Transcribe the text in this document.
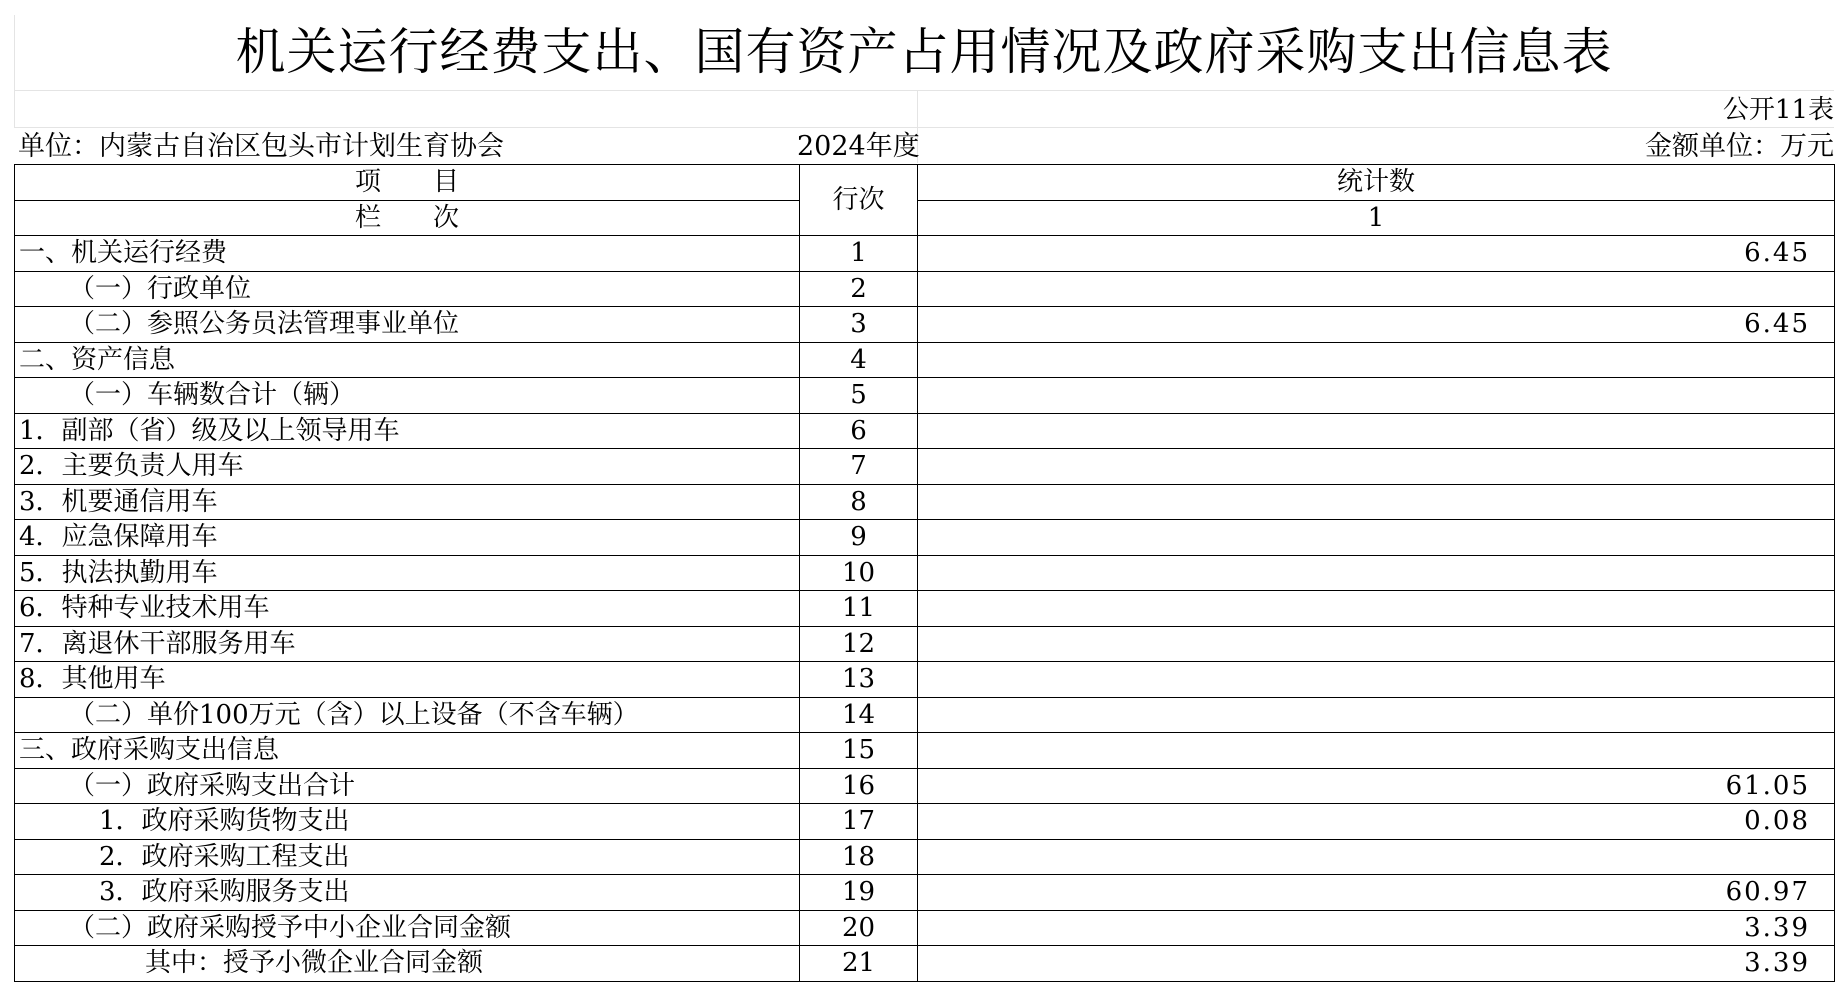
机关运行经费支出、国有资产占用情况及政府采购支出信息表
公开11表
单位：内蒙古自治区包头市计划生育协会	2024年度	金额单位：万元
项　　目	行次	统计数
栏　　次		1
一、机关运行经费	1	6.45
（一）行政单位	2	
（二）参照公务员法管理事业单位	3	6.45
二、资产信息	4	
（一）车辆数合计（辆）	5	
1．副部（省）级及以上领导用车	6	
2．主要负责人用车	7	
3．机要通信用车	8	
4．应急保障用车	9	
5．执法执勤用车	10	
6．特种专业技术用车	11	
7．离退休干部服务用车	12	
8．其他用车	13	
（二）单价100万元（含）以上设备（不含车辆）	14	
三、政府采购支出信息	15	
（一）政府采购支出合计	16	61.05
1．政府采购货物支出	17	0.08
2．政府采购工程支出	18	
3．政府采购服务支出	19	60.97
（二）政府采购授予中小企业合同金额	20	3.39
其中：授予小微企业合同金额	21	3.39
